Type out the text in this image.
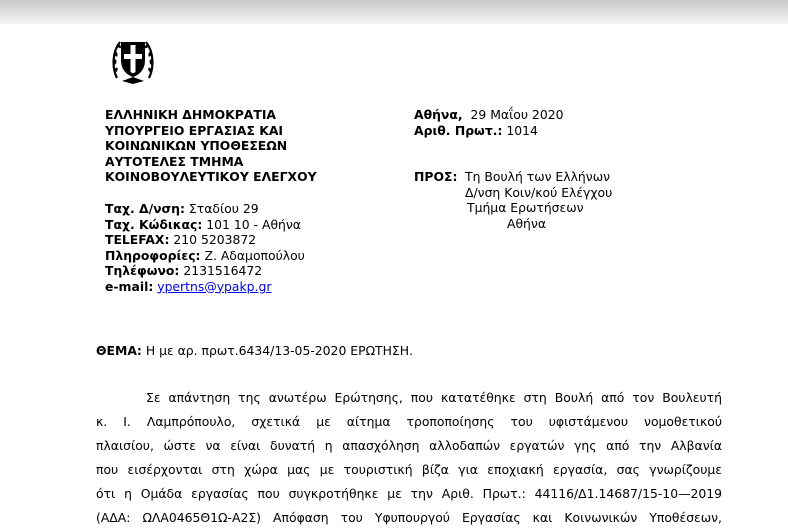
ΕΛΛΗΝΙΚΗ ΔΗΜΟΚΡΑΤΙΑ
ΥΠΟΥΡΓΕΙΟ ΕΡΓΑΣΙΑΣ ΚΑΙ
ΚΟΙΝΩΝΙΚΩΝ ΥΠΟΘΕΣΕΩΝ
ΑΥΤΟΤΕΛΕΣ ΤΜΗΜΑ
ΚΟΙΝΟΒΟΥΛΕΥΤΙΚΟΥ ΕΛΕΓΧΟΥ
Ταχ. Δ/νση: Σταδίου 29
Ταχ. Κώδικας: 101 10 - Αθήνα
TELEFAX: 210 5203872
Πληροφορίες: Ζ. Αδαμοπούλου
Τηλέφωνο: 2131516472
e-mail: ypertns@ypakp.gr
Αθήνα, 29 Μαΐου 2020
Αριθ. Πρωτ.: 1014
ΠΡΟΣ: Τη Βουλή των Ελλήνων
Δ/νση Κοιν/κού Ελέγχου
Τμήμα Ερωτήσεων
Αθήνα
ΘΕΜΑ: Η με αρ. πρωτ.6434/13-05-2020 ΕΡΩΤΗΣΗ.
Σε απάντηση της ανωτέρω Ερώτησης, που κατατέθηκε στη Βουλή από τον Βουλευτή
κ. Ι. Λαμπρόπουλο, σχετικά με αίτημα τροποποίησης του υφιστάμενου νομοθετικού
πλαισίου, ώστε να είναι δυνατή η απασχόληση αλλοδαπών εργατών γης από την Αλβανία
που εισέρχονται στη χώρα μας με τουριστική βίζα για εποχιακή εργασία, σας γνωρίζουμε
ότι η Ομάδα εργασίας που συγκροτήθηκε με την Αριθ. Πρωτ.: 44116/Δ1.14687/15-10—2019
(ΑΔΑ: ΩΛΑ0465Θ1Ω-Α2Σ) Απόφαση του Υφυπουργού Εργασίας και Κοινωνικών Υποθέσεων,
